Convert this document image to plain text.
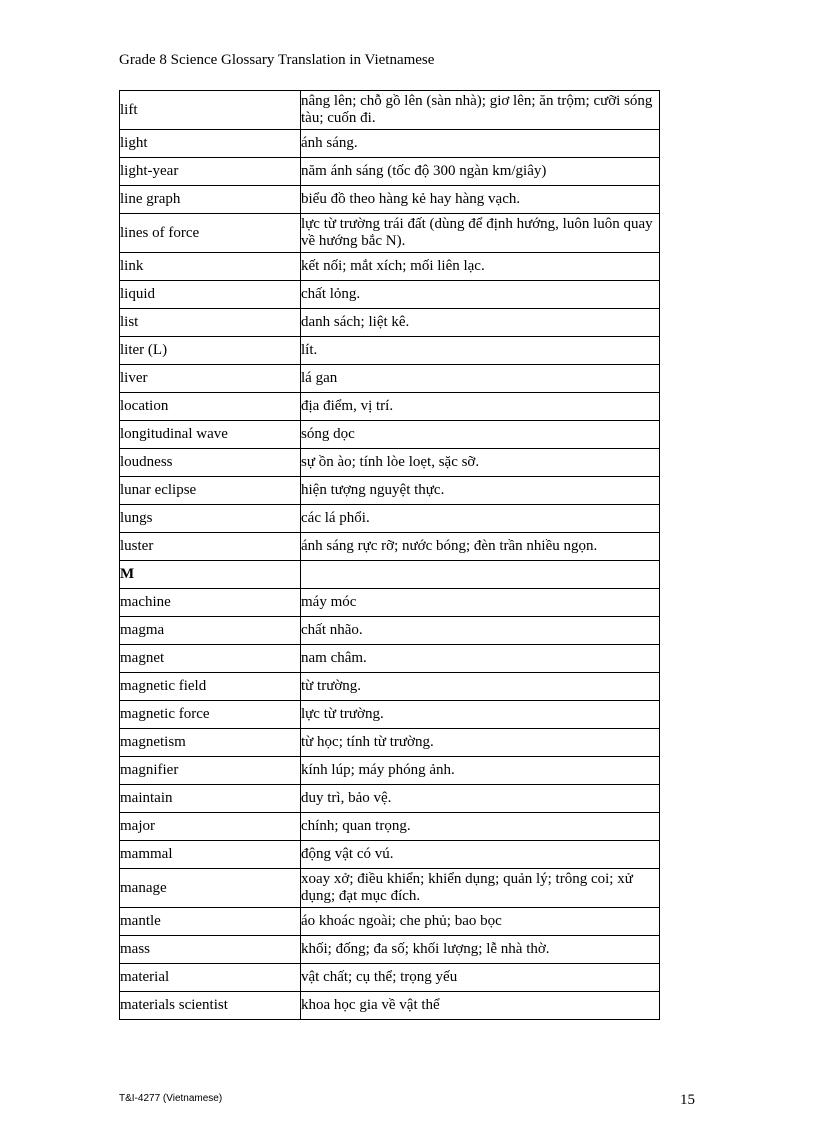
Grade 8 Science Glossary Translation in Vietnamese
lift	nâng lên; chỗ gồ lên (sàn nhà); giơ lên; ăn trộm; cưỡi sóng tàu; cuốn đi.
light	ánh sáng.
light-year	năm ánh sáng (tốc độ 300 ngàn km/giây)
line graph	biểu đồ theo hàng kẻ hay hàng vạch.
lines of force	lực từ trường trái đất (dùng để định hướng, luôn luôn quay về hướng bắc N).
link	kết nối; mắt xích; mối liên lạc.
liquid	chất lỏng.
list	danh sách; liệt kê.
liter (L)	lít.
liver	lá gan
location	địa điểm, vị trí.
longitudinal wave	sóng dọc
loudness	sự ồn ào; tính lòe loẹt, sặc sỡ.
lunar eclipse	hiện tượng nguyệt thực.
lungs	các lá phổi.
luster	ánh sáng rực rỡ; nước bóng; đèn trần nhiều ngọn.
M	
machine	máy móc
magma	chất nhão.
magnet	nam châm.
magnetic field	từ trường.
magnetic force	lực từ trường.
magnetism	từ học; tính từ trường.
magnifier	kính lúp; máy phóng ảnh.
maintain	duy trì, bảo vệ.
major	chính; quan trọng.
mammal	động vật có vú.
manage	xoay xở; điều khiển; khiển dụng; quản lý; trông coi; xử dụng; đạt mục đích.
mantle	áo khoác ngoài; che phủ; bao bọc
mass	khối; đống; đa số; khối lượng; lễ nhà thờ.
material	vật chất; cụ thể; trọng yếu
materials scientist	khoa học gia về vật thể
T&I-4277 (Vietnamese)	15
